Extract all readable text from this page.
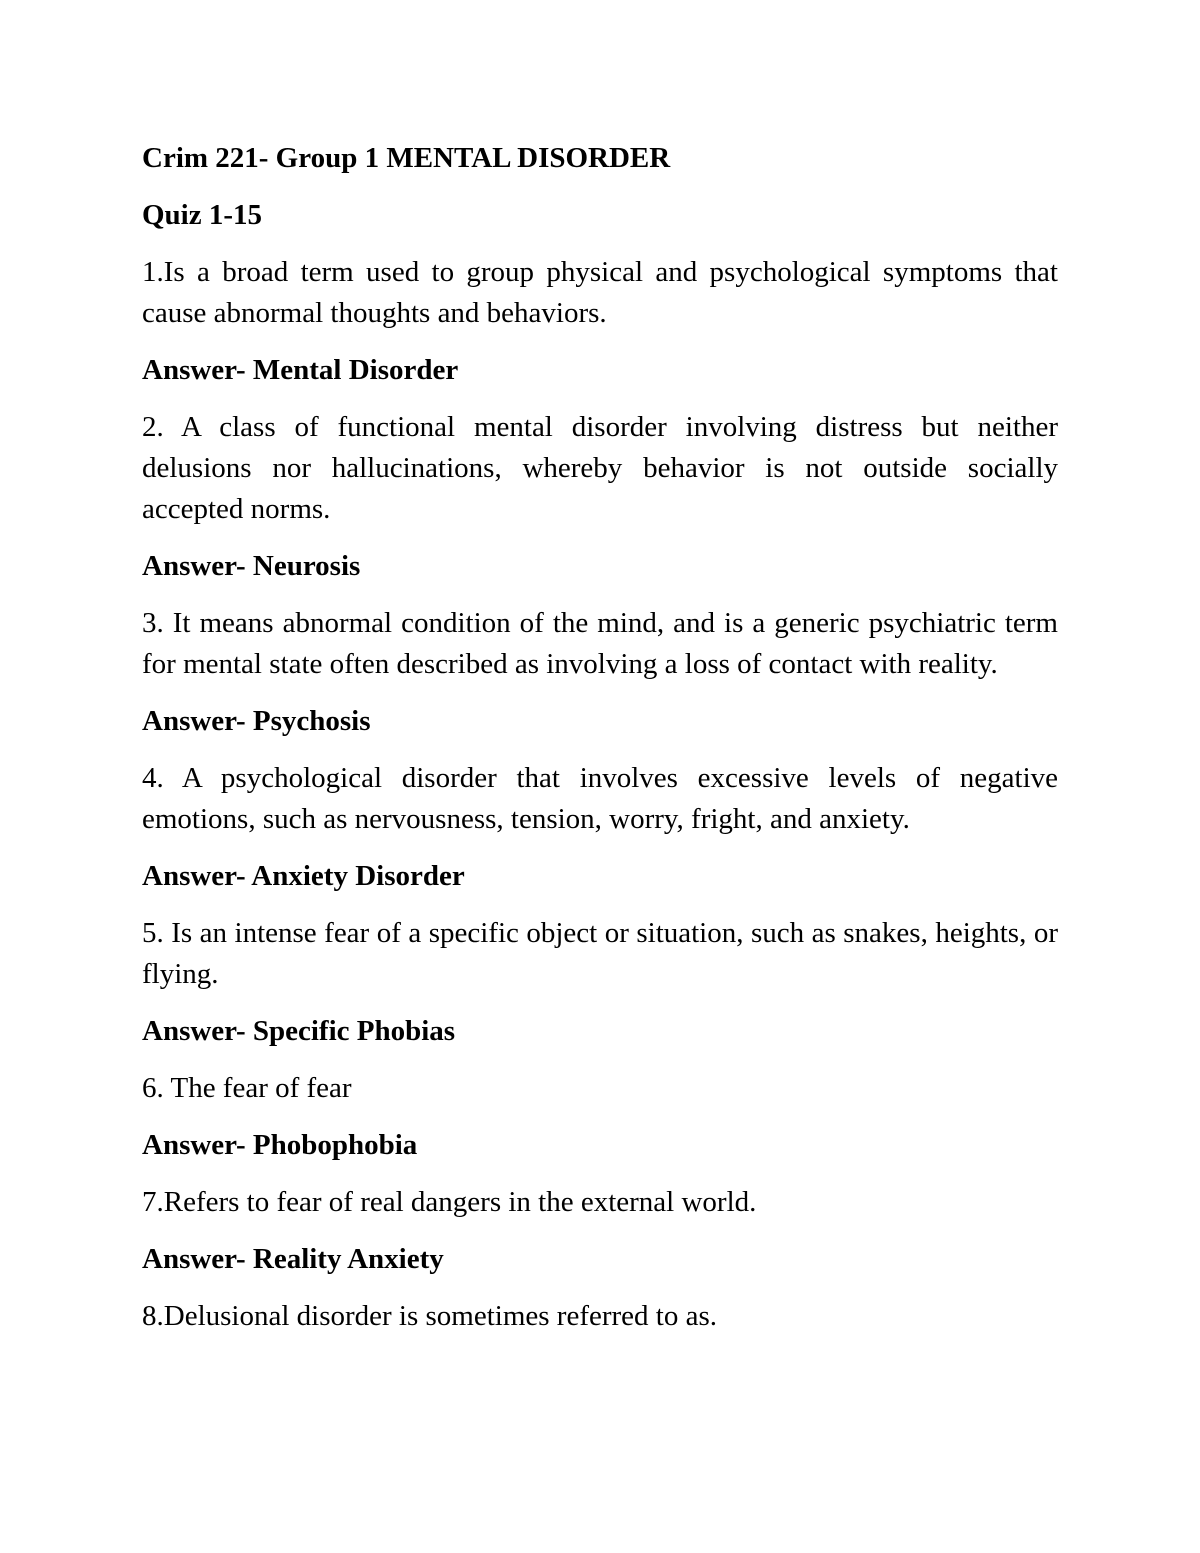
Crim 221- Group 1 MENTAL DISORDER

Quiz 1-15

1.Is a broad term used to group physical and psychological symptoms that cause abnormal thoughts and behaviors.

Answer- Mental Disorder

2. A class of functional mental disorder involving distress but neither delusions nor hallucinations, whereby behavior is not outside socially accepted norms.

Answer- Neurosis

3. It means abnormal condition of the mind, and is a generic psychiatric term for mental state often described as involving a loss of contact with reality.

Answer- Psychosis

4. A psychological disorder that involves excessive levels of negative emotions, such as nervousness, tension, worry, fright, and anxiety.

Answer- Anxiety Disorder

5. Is an intense fear of a specific object or situation, such as snakes, heights, or flying.

Answer- Specific Phobias

6. The fear of fear

Answer- Phobophobia

7.Refers to fear of real dangers in the external world.

Answer- Reality Anxiety

8.Delusional disorder is sometimes referred to as.
